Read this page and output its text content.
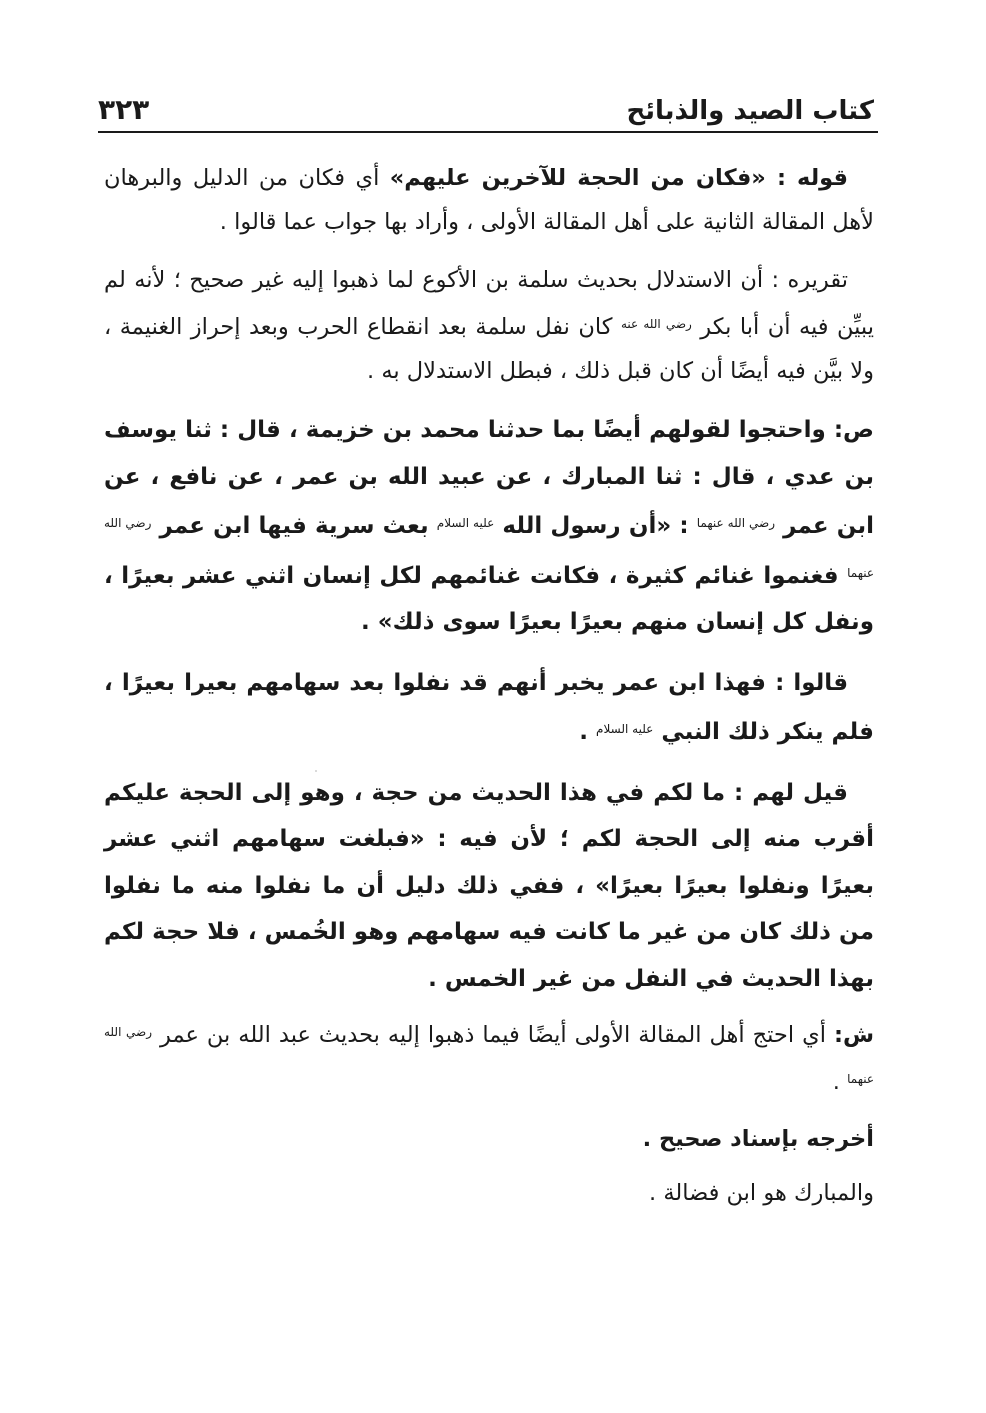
كتاب الصيد والذبائح
٣٢٣

قوله : «فكان من الحجة للآخرين عليهم» أي فكان من الدليل والبرهان لأهل المقالة الثانية على أهل المقالة الأولى ، وأراد بها جواب عما قالوا .

تقريره : أن الاستدلال بحديث سلمة بن الأكوع لما ذهبوا إليه غير صحيح ؛ لأنه لم يبيِّن فيه أن أبا بكر $^{رضي الله عنه}$ كان نفل سلمة بعد انقطاع الحرب وبعد إحراز الغنيمة ، ولا بيَّن فيه أيضًا أن كان قبل ذلك ، فبطل الاستدلال به .

ص: واحتجوا لقولهم أيضًا بما حدثنا محمد بن خزيمة ، قال : ثنا يوسف بن عدي ، قال : ثنا المبارك ، عن عبيد الله بن عمر ، عن نافع ، عن ابن عمر $^{رضي الله عنهما}$ : «أن رسول الله $^{عليه السلام}$ بعث سرية فيها ابن عمر $^{رضي الله عنهما}$ فغنموا غنائم كثيرة ، فكانت غنائمهم لكل إنسان اثني عشر بعيرًا ، ونفل كل إنسان منهم بعيرًا بعيرًا سوى ذلك» .

قالوا : فهذا ابن عمر يخبر أنهم قد نفلوا بعد سهامهم بعيرا بعيرًا ، فلم ينكر ذلك النبي $^{عليه السلام}$ .

قيل لهم : ما لكم في هذا الحديث من حجة ، وهو إلى الحجة عليكم أقرب منه إلى الحجة لكم ؛ لأن فيه : «فبلغت سهامهم اثني عشر بعيرًا ونفلوا بعيرًا بعيرًا» ، ففي ذلك دليل أن ما نفلوا منه ما نفلوا من ذلك كان من غير ما كانت فيه سهامهم وهو الخُمس ، فلا حجة لكم بهذا الحديث في النفل من غير الخمس .

ش: أي احتج أهل المقالة الأولى أيضًا فيما ذهبوا إليه بحديث عبد الله بن عمر $^{رضي الله عنهما}$ .

أخرجه بإسناد صحيح .

والمبارك هو ابن فضالة .
